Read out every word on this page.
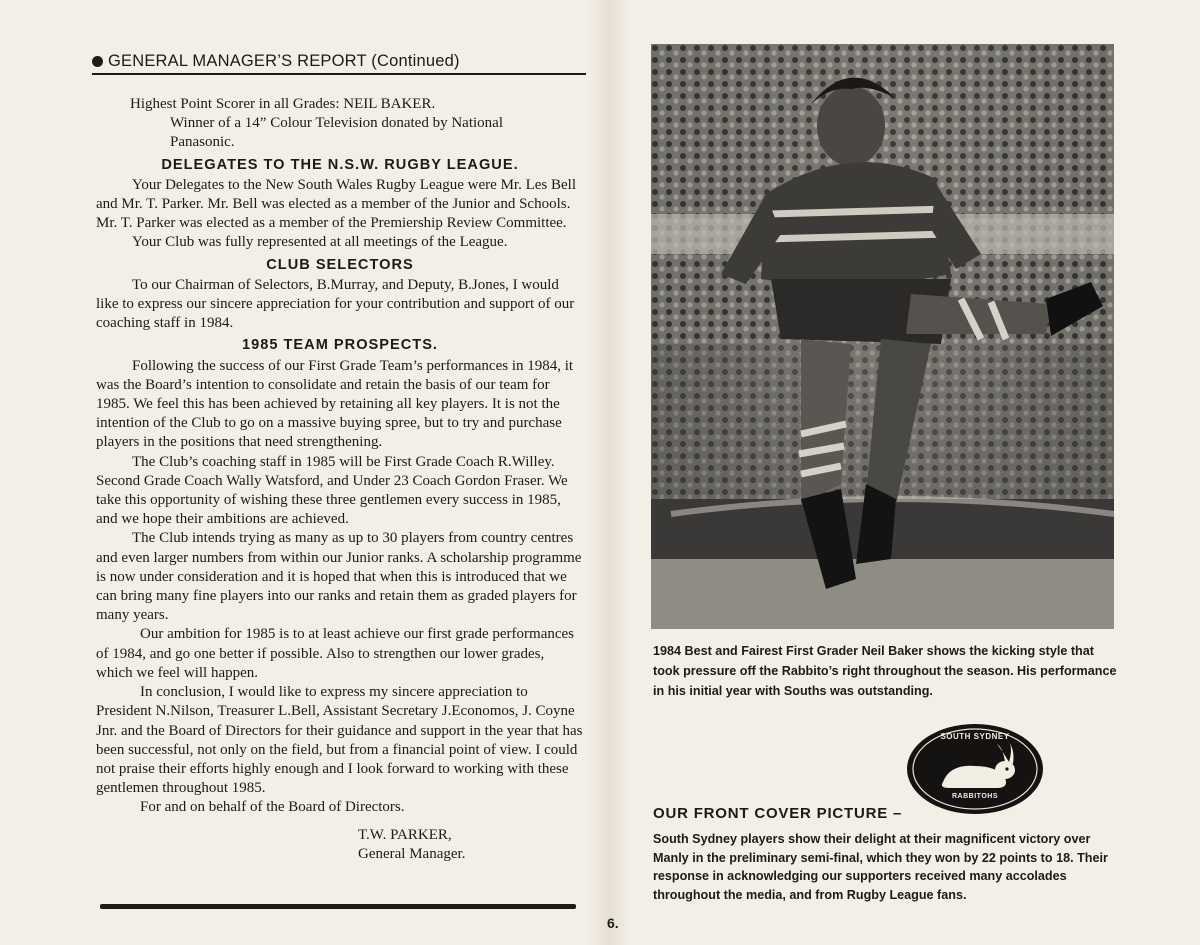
GENERAL MANAGER’S REPORT (Continued)

Highest Point Scorer in all Grades: NEIL BAKER.

Winner of a 14” Colour Television donated by National

Panasonic.

DELEGATES TO THE N.S.W. RUGBY LEAGUE.

Your Delegates to the New South Wales Rugby League were Mr. Les Bell and Mr. T. Parker. Mr. Bell was elected as a member of the Junior and Schools. Mr. T. Parker was elected as a member of the Premiership Review Committee.

Your Club was fully represented at all meetings of the League.

CLUB SELECTORS

To our Chairman of Selectors, B.Murray, and Deputy, B.Jones, I would like to express our sincere appreciation for your contribution and support of our coaching staff in 1984.

1985 TEAM PROSPECTS.

Following the success of our First Grade Team’s performances in 1984, it was the Board’s intention to consolidate and retain the basis of our team for 1985. We feel this has been achieved by retaining all key players. It is not the intention of the Club to go on a massive buying spree, but to try and purchase players in the positions that need strengthening.

The Club’s coaching staff in 1985 will be First Grade Coach R.Willey. Second Grade Coach Wally Watsford, and Under 23 Coach Gordon Fraser. We take this opportunity of wishing these three gentlemen every success in 1985, and we hope their ambitions are achieved.

The Club intends trying as many as up to 30 players from country centres and even larger numbers from within our Junior ranks. A scholarship programme is now under consideration and it is hoped that when this is introduced that we can bring many fine players into our ranks and retain them as graded players for many years.

Our ambition for 1985 is to at least achieve our first grade performances of 1984, and go one better if possible. Also to strengthen our lower grades, which we feel will happen.

In conclusion, I would like to express my sincere appreciation to President N.Nilson, Treasurer L.Bell, Assistant Secretary J.Economos, J. Coyne Jnr. and the Board of Directors for their guidance and support in the year that has been successful, not only on the field, but from a financial point of view. I could not praise their efforts highly enough and I look forward to working with these gentlemen throughout 1985.

For and on behalf of the Board of Directors.

T.W. PARKER,

General Manager.

1984 Best and Fairest First Grader Neil Baker shows the kicking style that took pressure off the Rabbito’s right throughout the season. His performance in his initial year with Souths was outstanding.
SOUTH SYDNEY
RABBITOHS
OUR FRONT COVER PICTURE –
South Sydney players show their delight at their magnificent victory over Manly in the preliminary semi-final, which they won by 22 points to 18. Their response in acknowledging our supporters received many accolades throughout the media, and from Rugby League fans.
6.
